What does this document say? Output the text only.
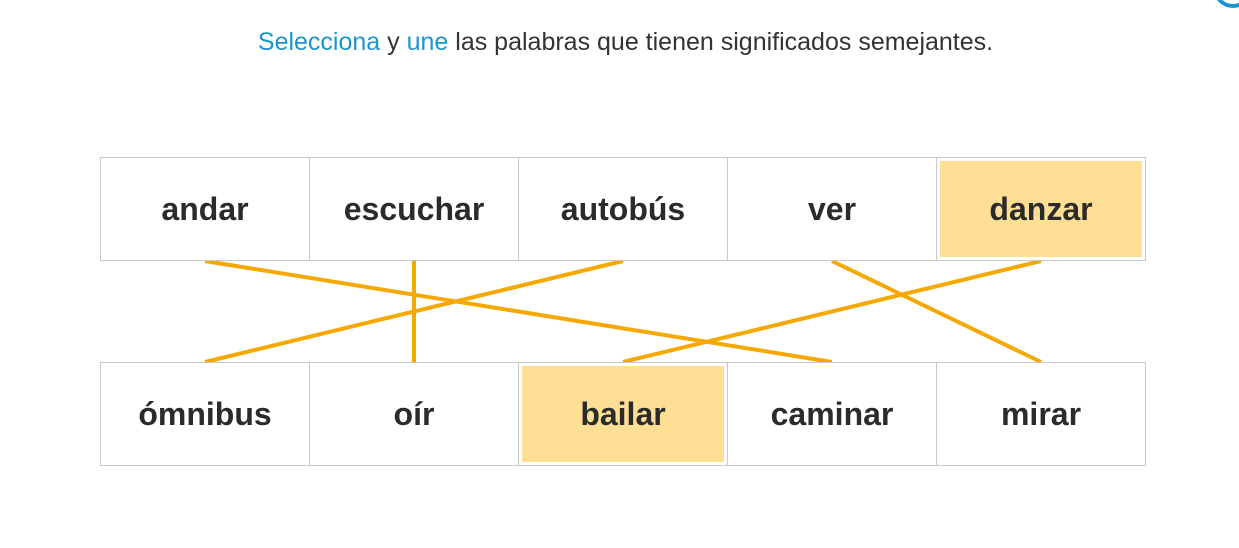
Selecciona y une las palabras que tienen significados semejantes.
andar	escuchar	autobús	ver	danzar
ómnibus	oír	bailar	caminar	mirar
